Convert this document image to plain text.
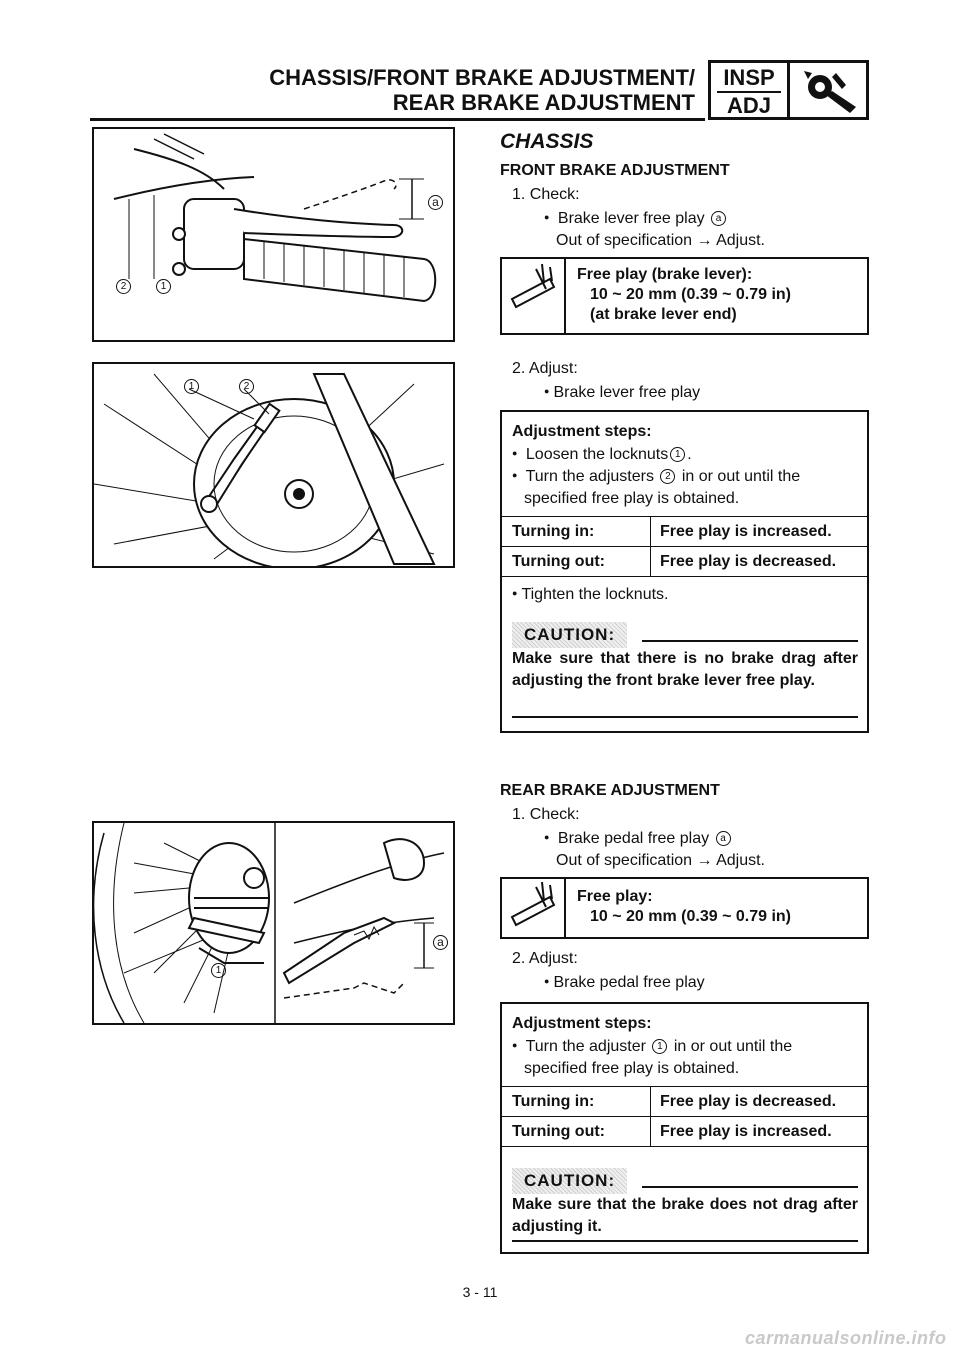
CHASSIS/FRONT BRAKE ADJUSTMENT/
REAR BRAKE ADJUSTMENT
INSP
ADJ
a
2	1
1	2
a
1
CHASSIS
FRONT BRAKE ADJUSTMENT
1. Check:
● Brake lever free play a
Out of specification → Adjust.
Free play (brake lever):
10 ~ 20 mm (0.39 ~ 0.79 in)
(at brake lever end)
2. Adjust:
● Brake lever free play
Adjustment steps:
● Loosen the locknuts 1 .
● Turn the adjusters 2 in or out until the
specified free play is obtained.
Turning in:	Free play is increased.
Turning out:	Free play is decreased.
● Tighten the locknuts.
CAUTION:
Make sure that there is no brake drag after adjusting the front brake lever free play.
REAR BRAKE ADJUSTMENT
1. Check:
● Brake pedal free play a
Out of specification → Adjust.
Free play:
10 ~ 20 mm (0.39 ~ 0.79 in)
2. Adjust:
● Brake pedal free play
Adjustment steps:
● Turn the adjuster 1 in or out until the
specified free play is obtained.
Turning in:	Free play is decreased.
Turning out:	Free play is increased.
CAUTION:
Make sure that the brake does not drag after adjusting it.
3 - 11
carmanualsonline.info
